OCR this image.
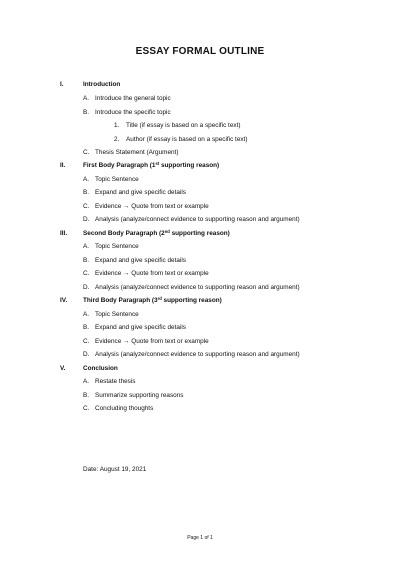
ESSAY FORMAL OUTLINE
I.	Introduction
A. Introduce the general topic
B. Introduce the specific topic
1. Title (if essay is based on a specific text)
2. Author (if essay is based on a specific text)
C. Thesis Statement (Argument)
II.	First Body Paragraph (1st supporting reason)
A. Topic Sentence
B. Expand and give specific details
C. Evidence → Quote from text or example
D. Analysis (analyze/connect evidence to supporting reason and argument)
III.	Second Body Paragraph (2nd supporting reason)
A. Topic Sentence
B. Expand and give specific details
C. Evidence → Quote from text or example
D. Analysis (analyze/connect evidence to supporting reason and argument)
IV.	Third Body Paragraph (3rd supporting reason)
A. Topic Sentence
B. Expand and give specific details
C. Evidence → Quote from text or example
D. Analysis (analyze/connect evidence to supporting reason and argument)
V.	Conclusion
A. Restate thesis
B. Summarize supporting reasons
C. Concluding thoughts
Date: August 19, 2021
Page 1 of 1
